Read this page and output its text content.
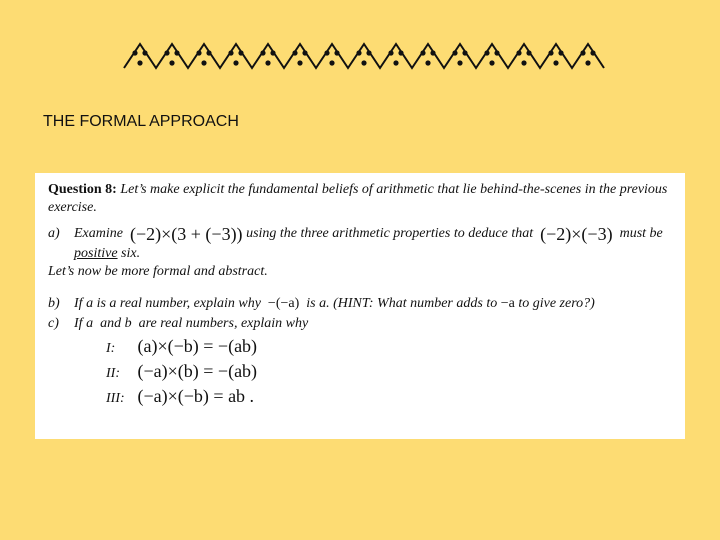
THE FORMAL APPROACH

Question 8: Let’s make explicit the fundamental beliefs of arithmetic that lie behind-the-scenes in the previous exercise.

a)	Examine
(−2)×(3 + (−3))
using the three arithmetic properties to deduce that
(−2)×(−3)
must be
positive
six.

Let’s now be more formal and abstract.

b)	If
a
is a real number, explain why
−(−a)
is
a . (HINT: What number adds to
−a
to give zero?)
c)	If
a
and
b
are real numbers, explain why
I: (a)×(−b) = −(ab)
II: (−a)×(b) = −(ab)
III: (−a)×(−b) = ab .
